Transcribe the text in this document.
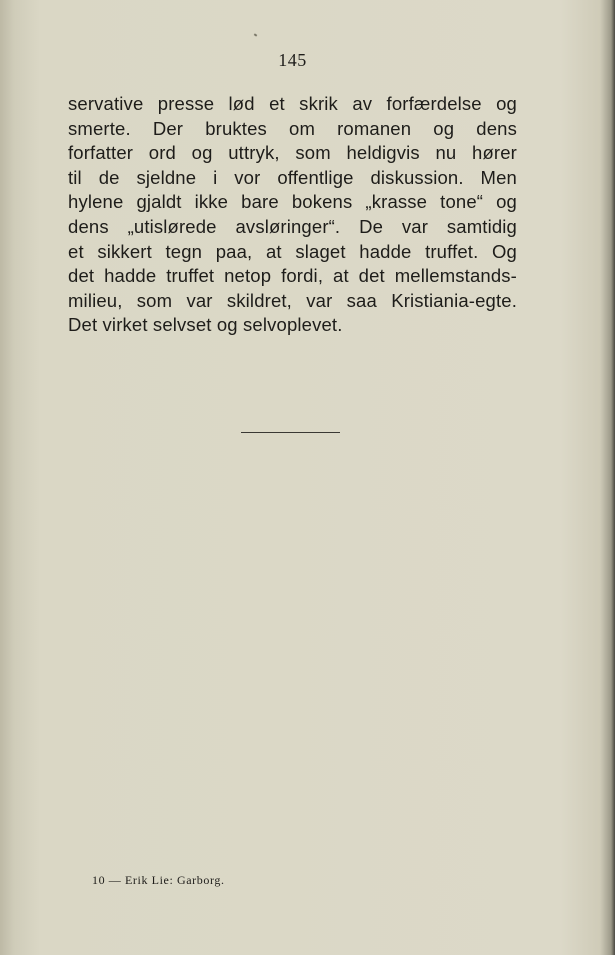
145
servative presse lød et skrik av forfærdelse og
smerte. Der bruktes om romanen og dens
forfatter ord og uttryk, som heldigvis nu hører
til de sjeldne i vor offentlige diskussion. Men
hylene gjaldt ikke bare bokens „krasse tone“ og
dens „utislørede avsløringer“. De var samtidig
et sikkert tegn paa, at slaget hadde truffet. Og
det hadde truffet netop fordi, at det mellemstands-
milieu, som var skildret, var saa Kristiania-egte.
Det virket selvset og selvoplevet.
10 — Erik Lie: Garborg.
